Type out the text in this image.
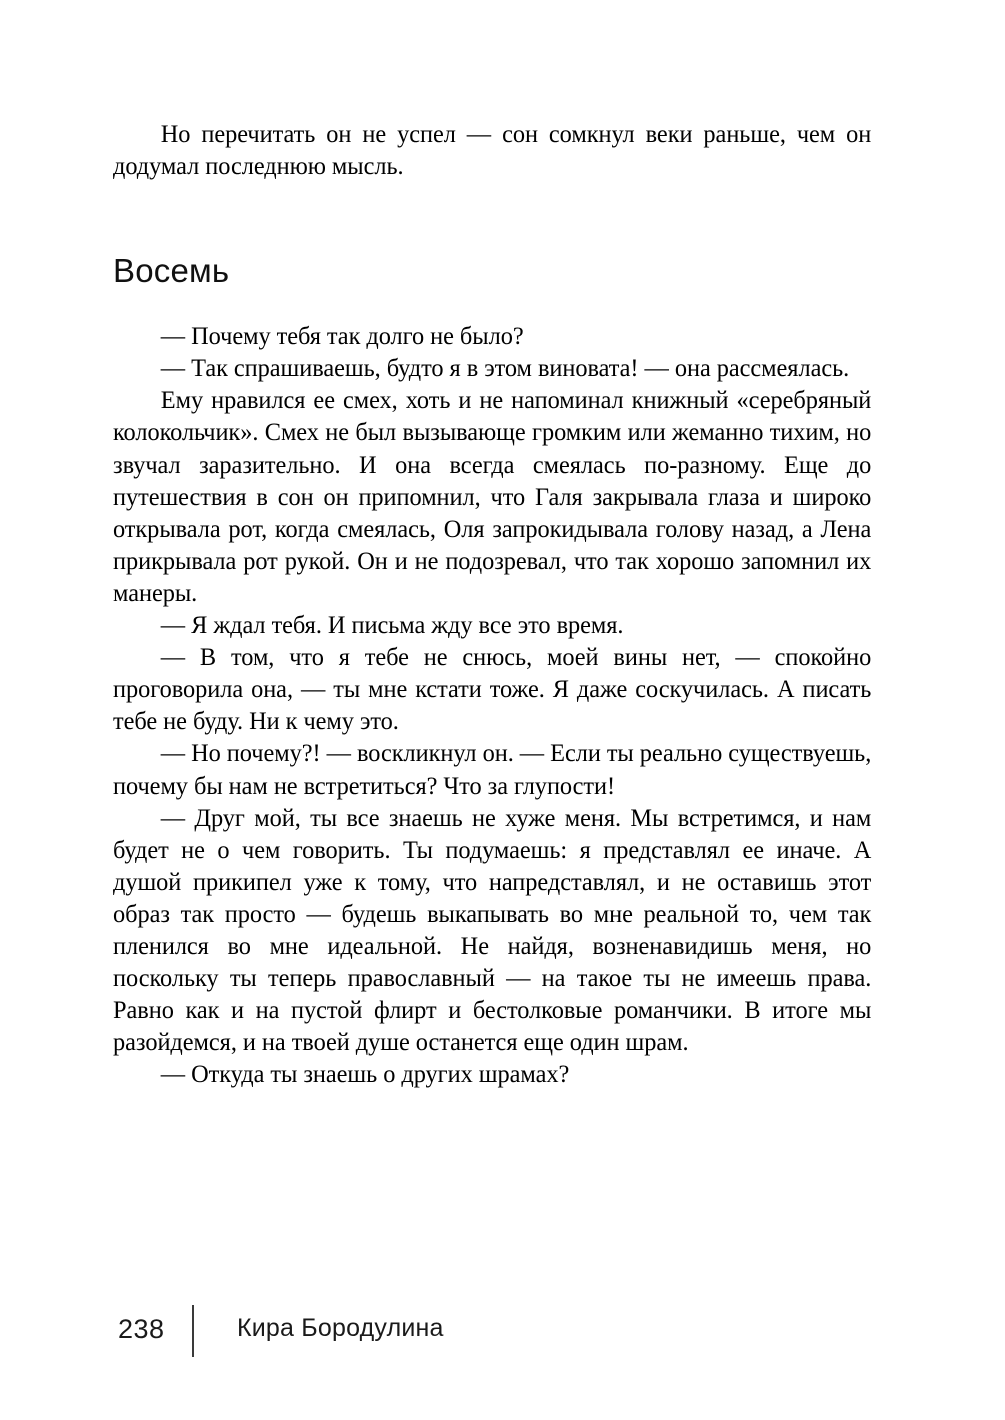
Но перечитать он не успел — сон сомкнул веки раньше, чем он додумал последнюю мысль.

Восемь

— Почему тебя так долго не было?

— Так спрашиваешь, будто я в этом виновата! — она рассмеялась.

Ему нравился ее смех, хоть и не напоминал книжный «серебряный колокольчик». Смех не был вызывающе громким или жеманно тихим, но звучал заразительно. И она всегда смеялась по-разному. Еще до путешествия в сон он припомнил, что Галя закрывала глаза и широко открывала рот, когда смеялась, Оля запрокидывала голову назад, а Лена прикрывала рот рукой. Он и не подозревал, что так хорошо запомнил их манеры.

— Я ждал тебя. И письма жду все это время.

— В том, что я тебе не снюсь, моей вины нет, — спокойно проговорила она, — ты мне кстати тоже. Я даже соскучилась. А писать тебе не буду. Ни к чему это.

— Но почему?! — воскликнул он. — Если ты реально существуешь, почему бы нам не встретиться? Что за глупости!

— Друг мой, ты все знаешь не хуже меня. Мы встретимся, и нам будет не о чем говорить. Ты подумаешь: я представлял ее иначе. А душой прикипел уже к тому, что напредставлял, и не оставишь этот образ так просто — будешь выкапывать во мне реальной то, чем так пленился во мне идеальной. Не найдя, возненавидишь меня, но поскольку ты теперь православный — на такое ты не имеешь права. Равно как и на пустой флирт и бестолковые романчики. В итоге мы разойдемся, и на твоей душе останется еще один шрам.

— Откуда ты знаешь о других шрамах?

238	Кира Бородулина
